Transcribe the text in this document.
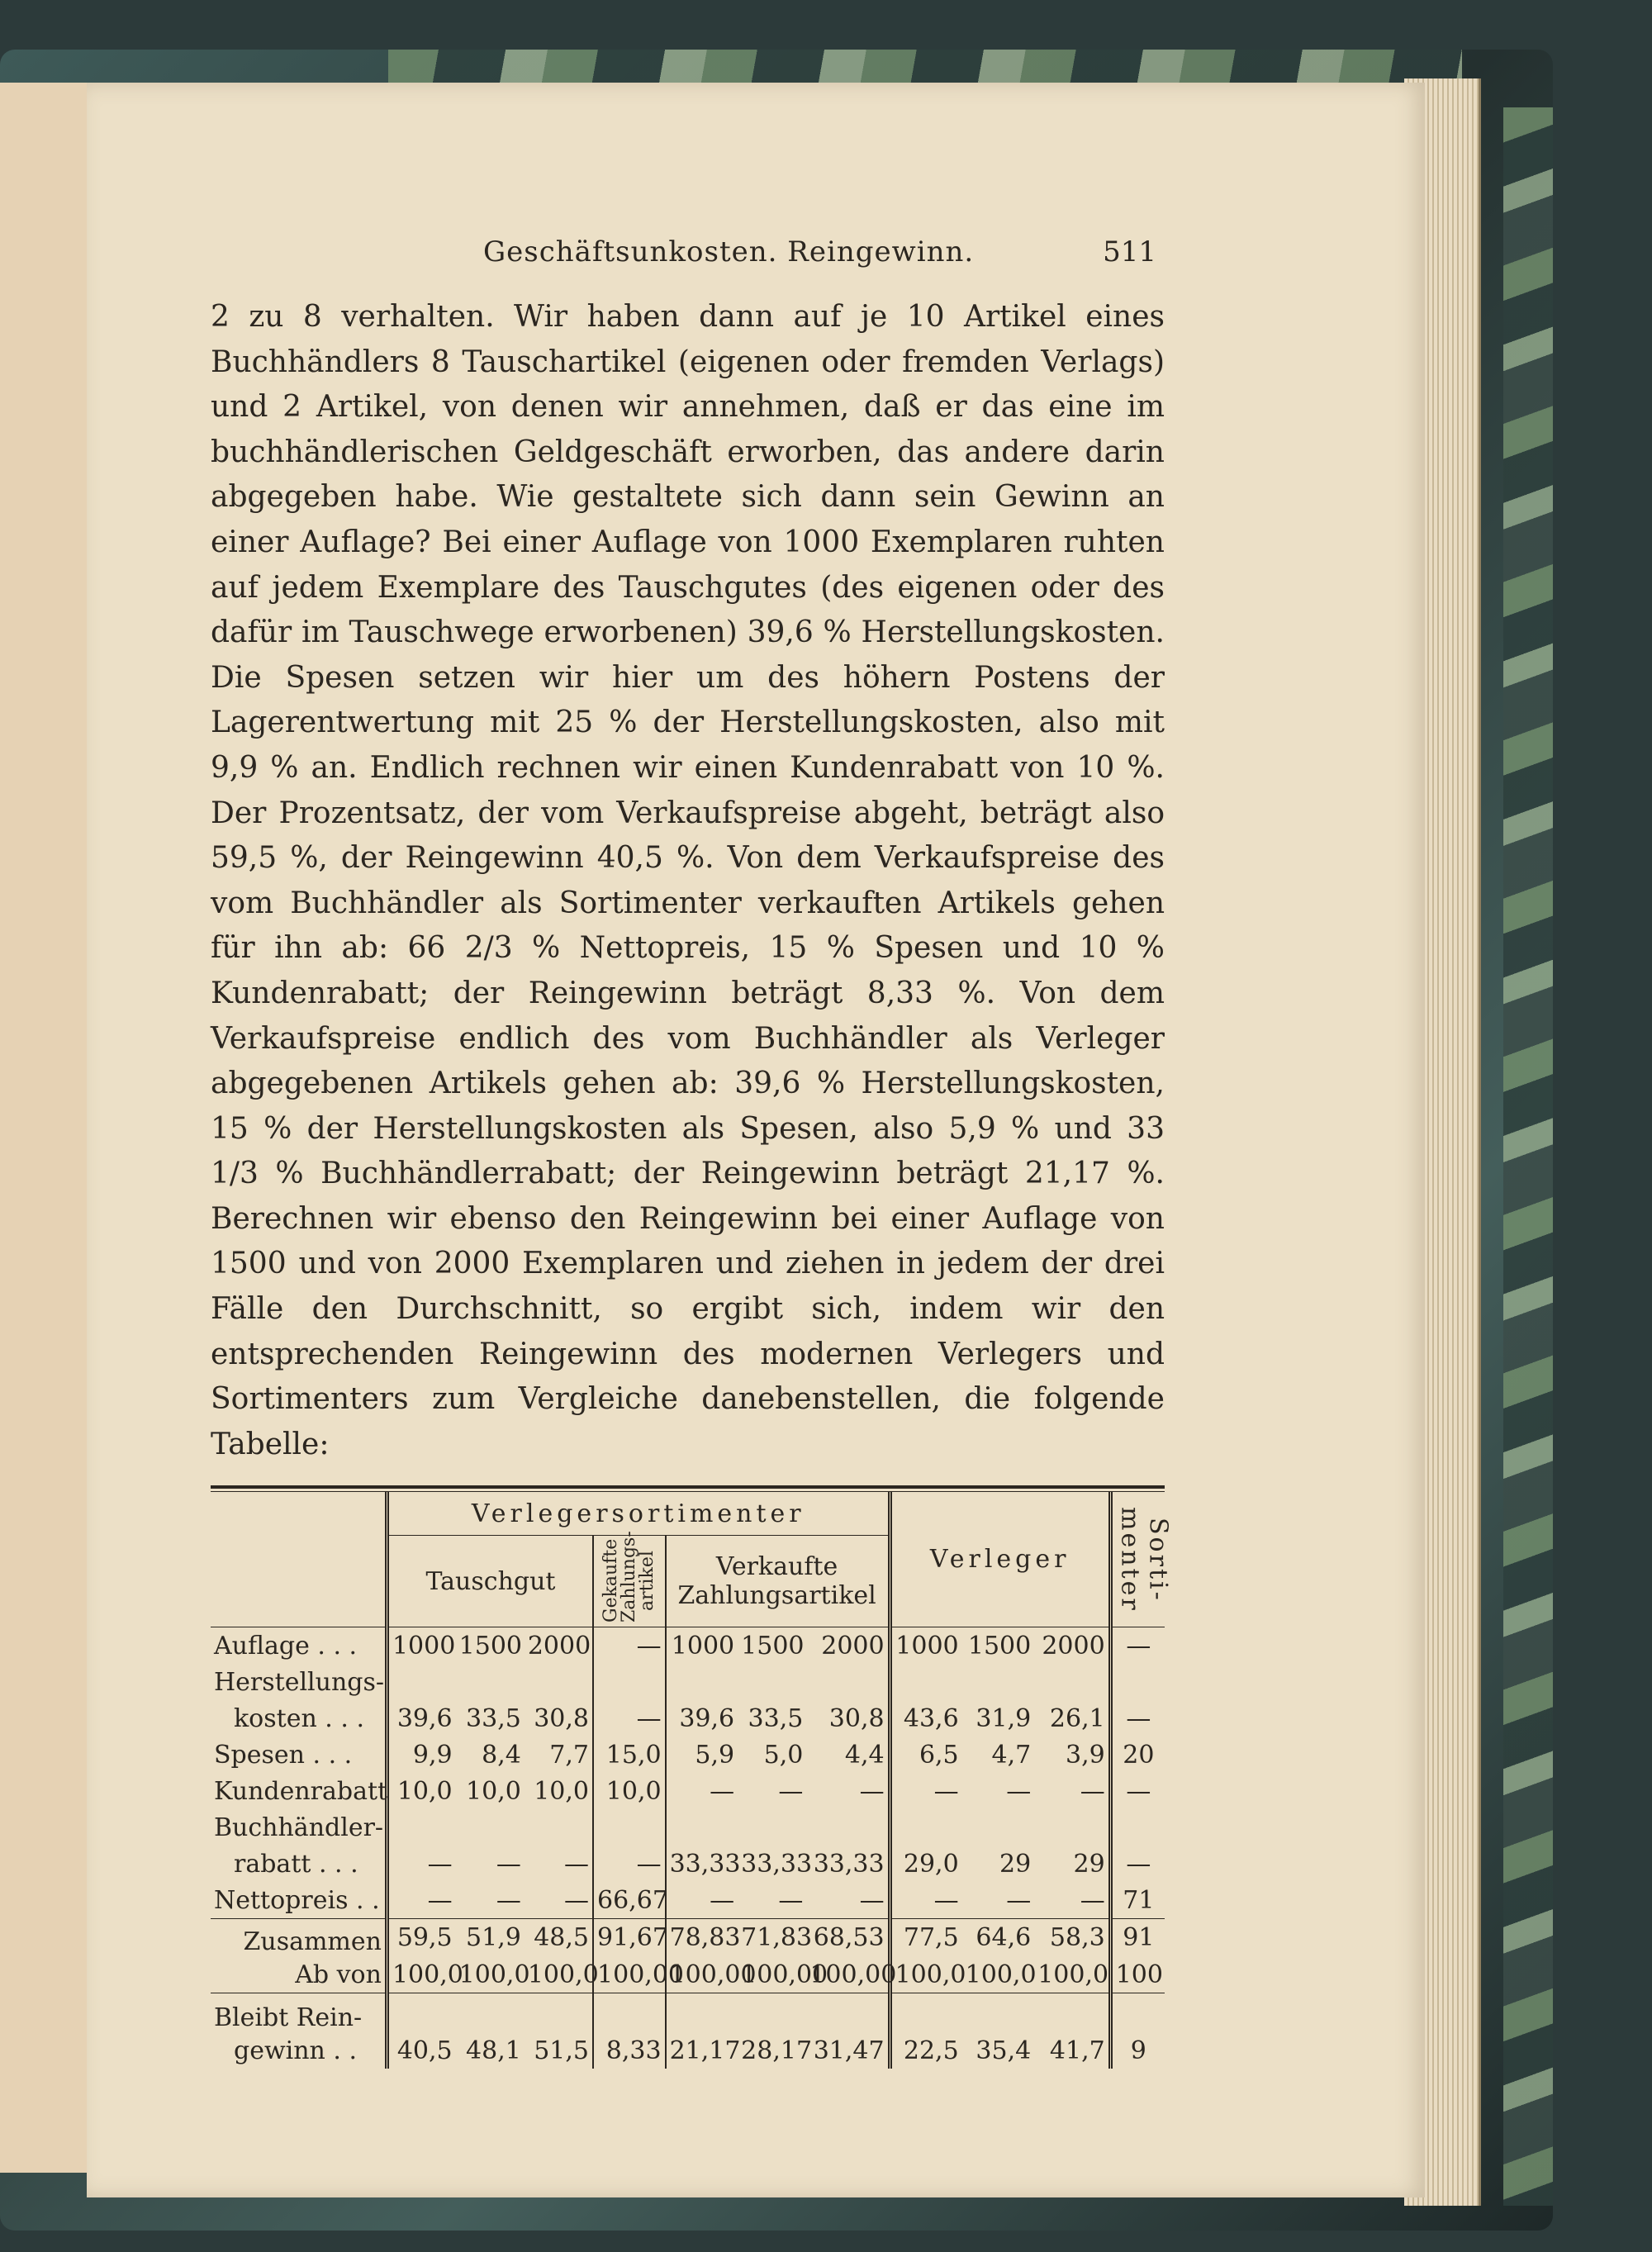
Geschäftsunkosten. Reingewinn.	511
2 zu 8 verhalten. Wir haben dann auf je 10 Artikel eines Buchhändlers 8 Tauschartikel (eigenen oder fremden Verlags) und 2 Artikel, von denen wir annehmen, daß er das eine im buchhändlerischen Geldgeschäft erworben, das andere darin abgegeben habe. Wie gestaltete sich dann sein Gewinn an einer Auflage? Bei einer Auflage von 1000 Exemplaren ruhten auf jedem Exemplare des Tauschgutes (des eigenen oder des dafür im Tauschwege erworbenen) 39,6 % Herstellungskosten. Die Spesen setzen wir hier um des höhern Postens der Lagerentwertung mit 25 % der Herstellungskosten, also mit 9,9 % an. Endlich rechnen wir einen Kundenrabatt von 10 %. Der Prozentsatz, der vom Verkaufspreise abgeht, beträgt also 59,5 %, der Reingewinn 40,5 %. Von dem Verkaufspreise des vom Buchhändler als Sortimenter verkauften Artikels gehen für ihn ab: 66 2/3 % Nettopreis, 15 % Spesen und 10 % Kundenrabatt; der Reingewinn beträgt 8,33 %. Von dem Verkaufspreise endlich des vom Buchhändler als Verleger abgegebenen Artikels gehen ab: 39,6 % Herstellungskosten, 15 % der Herstellungskosten als Spesen, also 5,9 % und 33 1/3 % Buchhändlerrabatt; der Reingewinn beträgt 21,17 %. Berechnen wir ebenso den Reingewinn bei einer Auflage von 1500 und von 2000 Exemplaren und ziehen in jedem der drei Fälle den Durchschnitt, so ergibt sich, indem wir den entsprechenden Reingewinn des modernen Verlegers und Sortimenters zum Vergleiche danebenstellen, die folgende Tabelle:
	Verlegersortimenter							Verleger			Sorti- menter

	Tauschgut			Gekaufte Zahlungs- artikel	Verkaufte Zahlungsartikel						
Auflage . . .	1000	1500	2000	—	1000	1500	2000	1000	1500	2000	—
Herstellungs-											
kosten . . .	39,6	33,5	30,8	—	39,6	33,5	30,8	43,6	31,9	26,1	—
Spesen . . .	9,9	8,4	7,7	15,0	5,9	5,0	4,4	6,5	4,7	3,9	20
Kundenrabatt	10,0	10,0	10,0	10,0	—	—	—	—	—	—	—
Buchhändler-											
rabatt . . .	—	—	—	—	33,33	33,33	33,33	29,0	29	29	—
Nettopreis . .	—	—	—	66,67	—	—	—	—	—	—	71
Zusammen	59,5	51,9	48,5	91,67	78,83	71,83	68,53	77,5	64,6	58,3	91
Ab von	100,0	100,0	100,0	100,00	100,00	100,00	100,00	100,0	100,0	100,0	100
Bleibt Rein-											
gewinn . .	40,5	48,1	51,5	8,33	21,17	28,17	31,47	22,5	35,4	41,7	9
